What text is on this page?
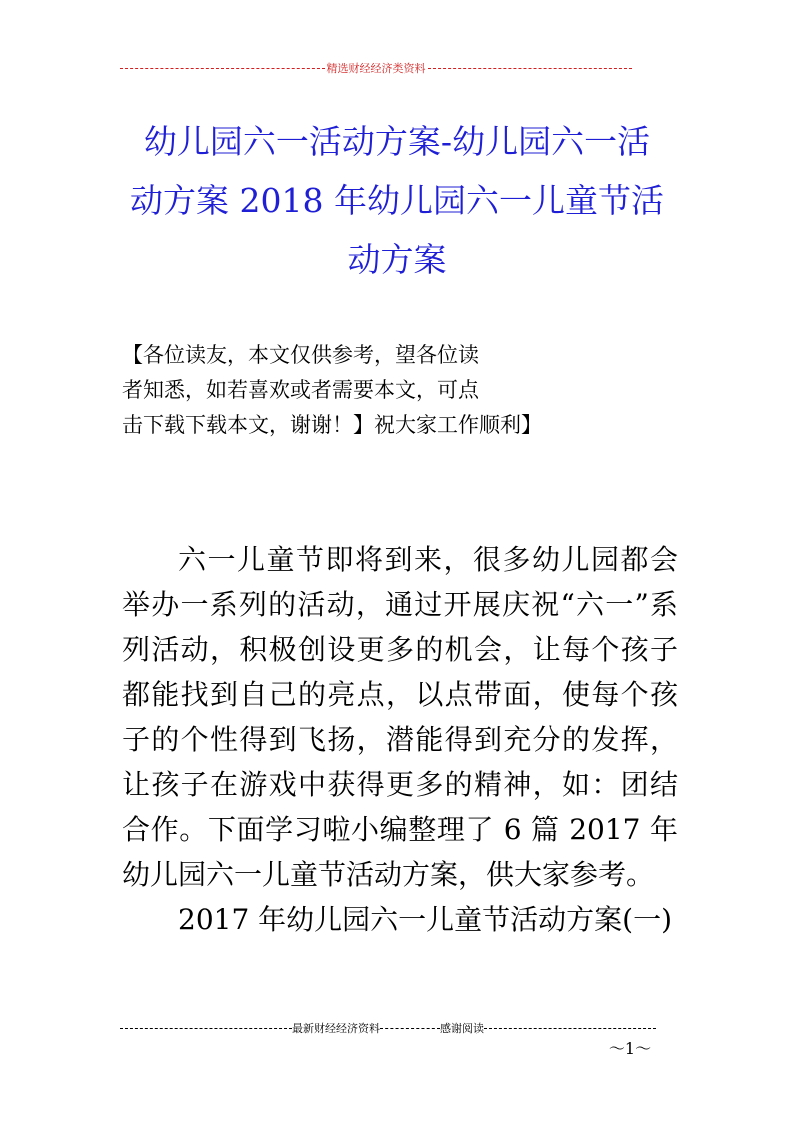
精选财经经济类资料
幼儿园六一活动方案-幼儿园六一活
动方案 2018 年幼儿园六一儿童节活
动方案
【各位读友，本文仅供参考，望各位读
者知悉，如若喜欢或者需要本文，可点
击下载下载本文，谢谢！】祝大家工作顺利】

六一儿童节即将到来，很多幼儿园都会举办一系列的活动，通过开展庆祝“六一”系列活动，积极创设更多的机会，让每个孩子都能找到自己的亮点，以点带面，使每个孩子的个性得到飞扬，潜能得到充分的发挥，让孩子在游戏中获得更多的精神，如：团结合作。下面学习啦小编整理了 6 篇 2017 年幼儿园六一儿童节活动方案，供大家参考。

2017 年幼儿园六一儿童节活动方案(一)

最新财经经济资料	感谢阅读
～1～
